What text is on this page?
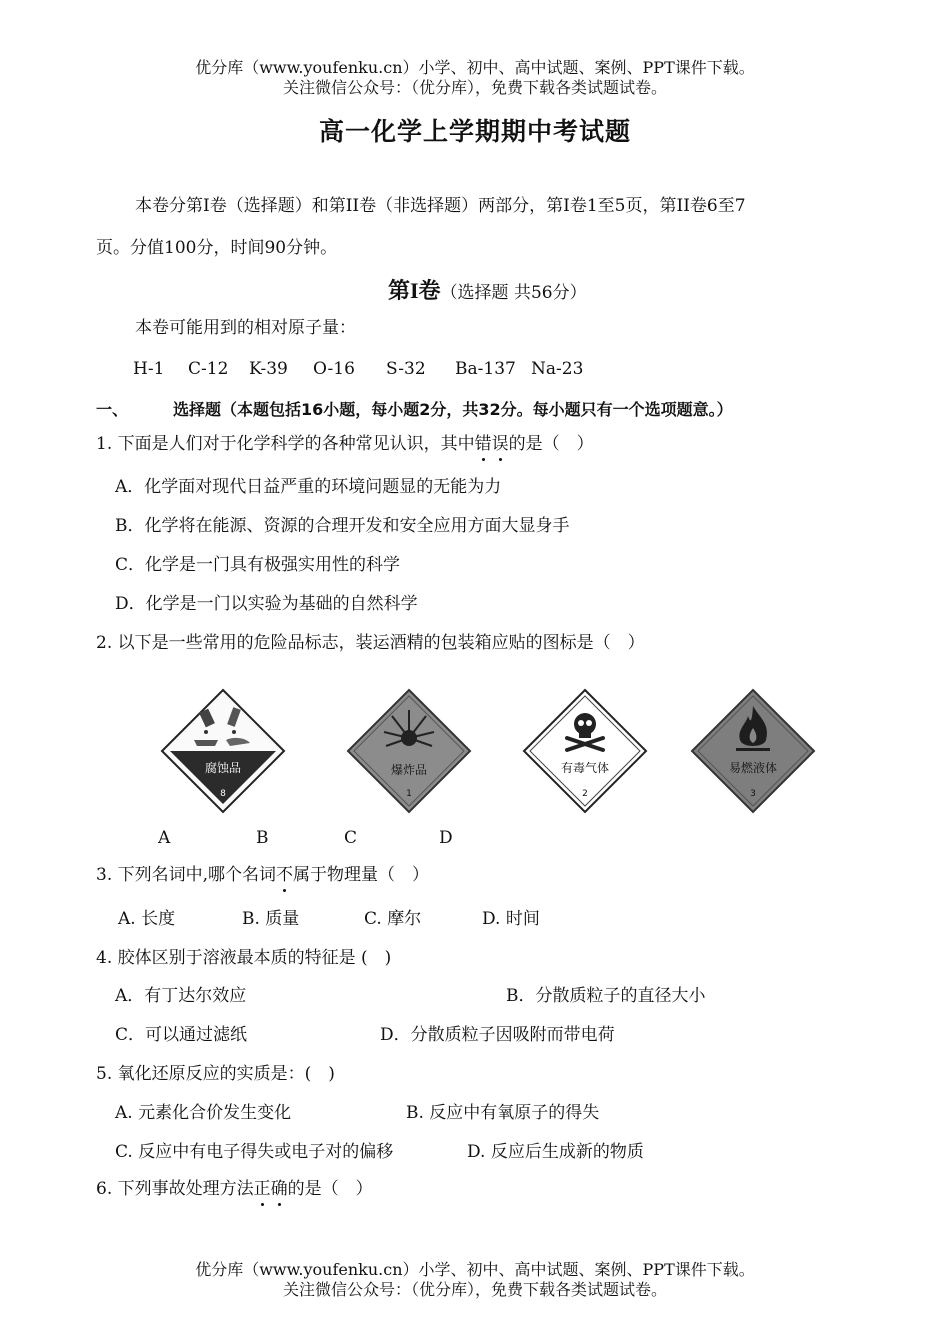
优分库（www.youfenku.cn）小学、初中、高中试题、案例、PPT课件下载。
关注微信公众号：（优分库），免费下载各类试题试卷。
高一化学上学期期中考试题
本卷分第I卷（选择题）和第II卷（非选择题）两部分，第I卷1至5页，第II卷6至7
页。分值100分，时间90分钟。
第I卷（选择题 共56分）
本卷可能用到的相对原子量：
H-1 C-12 K-39 O-16 S-32 Ba-137 Na-23
一、	选择题（本题包括16小题，每小题2分，共32分。每小题只有一个选项题意。）
1. 下面是人们对于化学科学的各种常见认识，其中错误的是（　）
A．化学面对现代日益严重的环境问题显的无能为力
B．化学将在能源、资源的合理开发和安全应用方面大显身手
C．化学是一门具有极强实用性的科学
D．化学是一门以实验为基础的自然科学
2. 以下是一些常用的危险品标志，装运酒精的包装箱应贴的图标是（　）
腐蚀品
8
爆炸品
1
有毒气体
2
易燃液体
3
A	B	C	D
3. 下列名词中,哪个名词不属于物理量（　）
A. 长度	B. 质量	C. 摩尔	D. 时间
4. 胶体区别于溶液最本质的特征是 (　)
A．有丁达尔效应	B．分散质粒子的直径大小
C．可以通过滤纸	D．分散质粒子因吸附而带电荷
5. 氧化还原反应的实质是：(　)
A. 元素化合价发生变化	B. 反应中有氧原子的得失
C. 反应中有电子得失或电子对的偏移	D. 反应后生成新的物质
6. 下列事故处理方法正确的是（　）
优分库（www.youfenku.cn）小学、初中、高中试题、案例、PPT课件下载。
关注微信公众号：（优分库），免费下载各类试题试卷。
